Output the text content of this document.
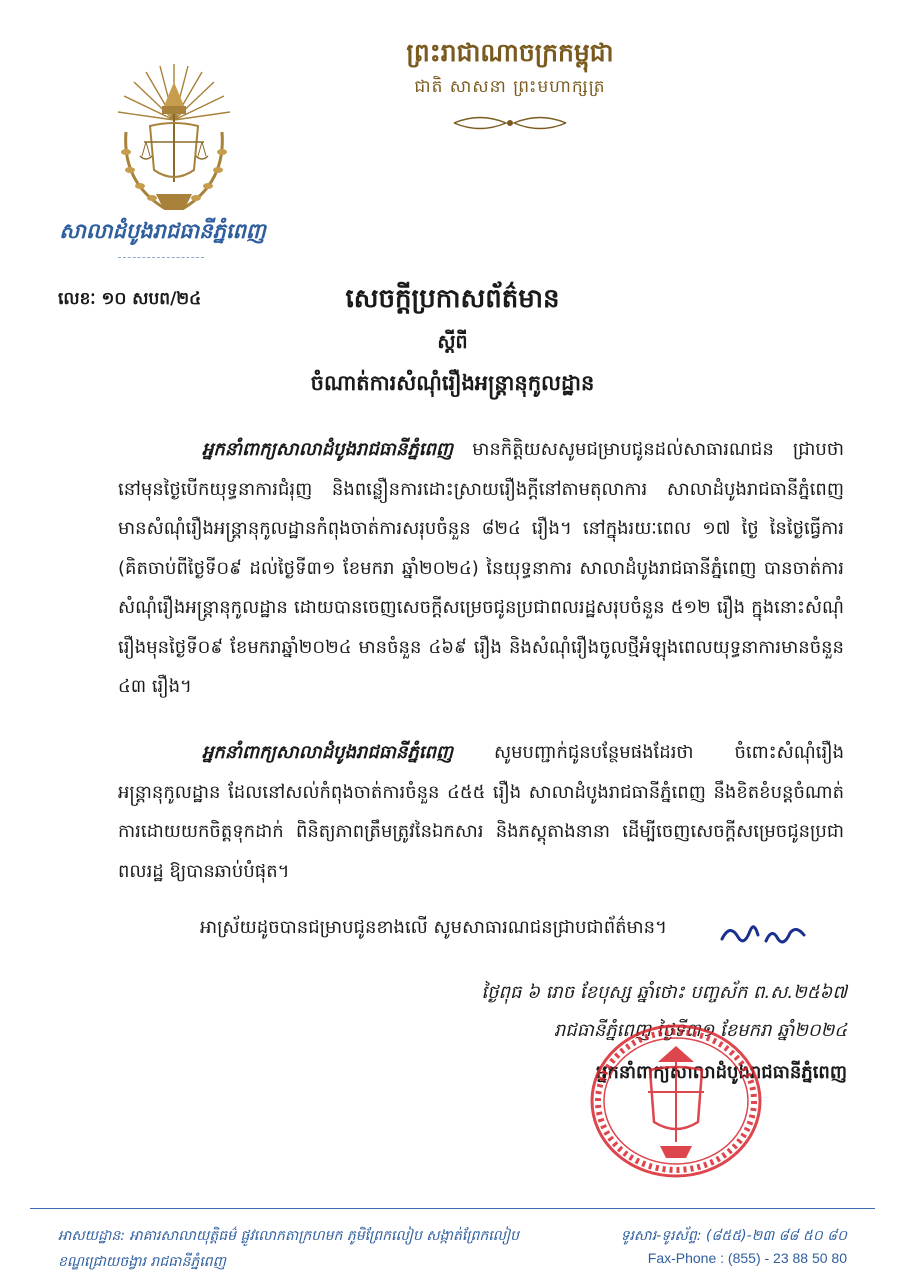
សាលាដំបូងរាជធានីភ្នំពេញ
ព្រះរាជាណាចក្រកម្ពុជា
ជាតិ សាសនា ព្រះមហាក្សត្រ
លេខៈ ១០ សបព/២៤	សេចក្តីប្រកាសព័ត៌មាន
ស្តីពី
ចំណាត់ការសំណុំរឿងអន្ត្រានុកូលដ្ឋាន
អ្នកនាំពាក្យសាលាដំបូងរាជធានីភ្នំពេញ មានកិត្តិយសសូមជម្រាបជូនដល់សាធារណជន ជ្រាបថា នៅមុនថ្ងៃបើកយុទ្ធនាការជំរុញ និងពន្លឿនការដោះស្រាយរឿងក្តីនៅតាមតុលាការ សាលាដំបូងរាជធានីភ្នំពេញមានសំណុំរឿងអន្ត្រានុកូលដ្ឋានកំពុងចាត់ការសរុបចំនួន ៨២៤ រឿង។ នៅក្នុងរយៈពេល ១៧ ថ្ងៃ នៃថ្ងៃធ្វើការ (គិតចាប់ពីថ្ងៃទី០៩ ដល់ថ្ងៃទី៣១ ខែមករា ឆ្នាំ២០២៤) នៃយុទ្ធនាការ សាលាដំបូងរាជធានីភ្នំពេញ បានចាត់ការសំណុំរឿងអន្ត្រានុកូលដ្ឋាន ដោយបានចេញសេចក្តីសម្រេចជូនប្រជាពលរដ្ឋសរុបចំនួន ៥១២ រឿង ក្នុងនោះសំណុំរឿងមុនថ្ងៃទី០៩ ខែមករាឆ្នាំ២០២៤ មានចំនួន ៤៦៩ រឿង និងសំណុំរឿងចូលថ្មីអំឡុងពេលយុទ្ធនាការមានចំនួន ៤៣ រឿង។
អ្នកនាំពាក្យសាលាដំបូងរាជធានីភ្នំពេញ សូមបញ្ជាក់ជូនបន្ថែមផងដែរថា ចំពោះសំណុំរឿងអន្ត្រានុកូលដ្ឋាន ដែលនៅសល់កំពុងចាត់ការចំនួន ៤៥៥ រឿង សាលាដំបូងរាជធានីភ្នំពេញ នឹងខិតខំបន្តចំណាត់ការដោយយកចិត្តទុកដាក់ ពិនិត្យភាពត្រឹមត្រូវនៃឯកសារ និងភស្តុតាងនានា ដើម្បីចេញសេចក្តីសម្រេចជូនប្រជាពលរដ្ឋ ឱ្យបានឆាប់បំផុត។
អាស្រ័យដូចបានជម្រាបជូនខាងលើ សូមសាធារណជនជ្រាបជាព័ត៌មាន។
ថ្ងៃពុធ ៦ រោច ខែបុស្ស ឆ្នាំថោះ បញ្ចស័ក ព.ស.២៥៦៧
រាជធានីភ្នំពេញ ថ្ងៃទី៣១ ខែមករា ឆ្នាំ២០២៤
អ្នកនាំពាក្យសាលាដំបូងរាជធានីភ្នំពេញ
អាសយដ្ឋាន: អាគារសាលាយុត្តិធម៌ ផ្លូវលោកតាក្រហមក ភូមិព្រែកលៀប សង្កាត់ព្រែកលៀប
ខណ្ឌជ្រោយចង្វារ រាជធានីភ្នំពេញ
ទូរសារ-ទូរស័ព្ទ: (៨៥៥)-២៣ ៨៨ ៥០ ៨០
Fax-Phone : (855) - 23 88 50 80
